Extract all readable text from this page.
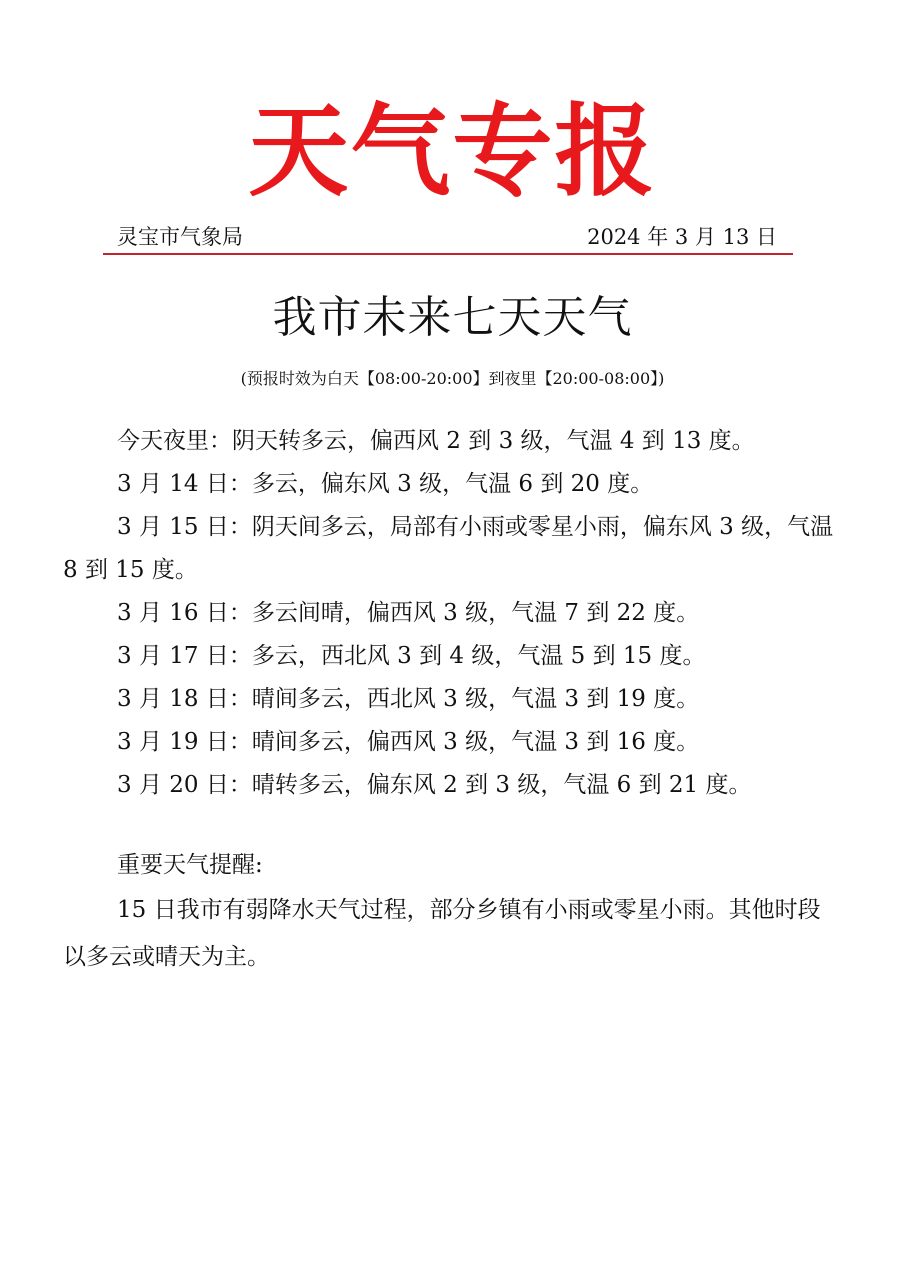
天气专报
灵宝市气象局	2024 年 3 月 13 日
我市未来七天天气
(预报时效为白天【08:00-20:00】到夜里【20:00-08:00】)
今天夜里：阴天转多云，偏西风 2 到 3 级，气温 4 到 13 度。
3 月 14 日：多云，偏东风 3 级，气温 6 到 20 度。
3 月 15 日：阴天间多云，局部有小雨或零星小雨，偏东风 3 级，气温 8 到 15 度。
3 月 16 日：多云间晴，偏西风 3 级，气温 7 到 22 度。
3 月 17 日：多云，西北风 3 到 4 级，气温 5 到 15 度。
3 月 18 日：晴间多云，西北风 3 级，气温 3 到 19 度。
3 月 19 日：晴间多云，偏西风 3 级，气温 3 到 16 度。
3 月 20 日：晴转多云，偏东风 2 到 3 级，气温 6 到 21 度。
重要天气提醒:
15 日我市有弱降水天气过程，部分乡镇有小雨或零星小雨。其他时段以多云或晴天为主。
